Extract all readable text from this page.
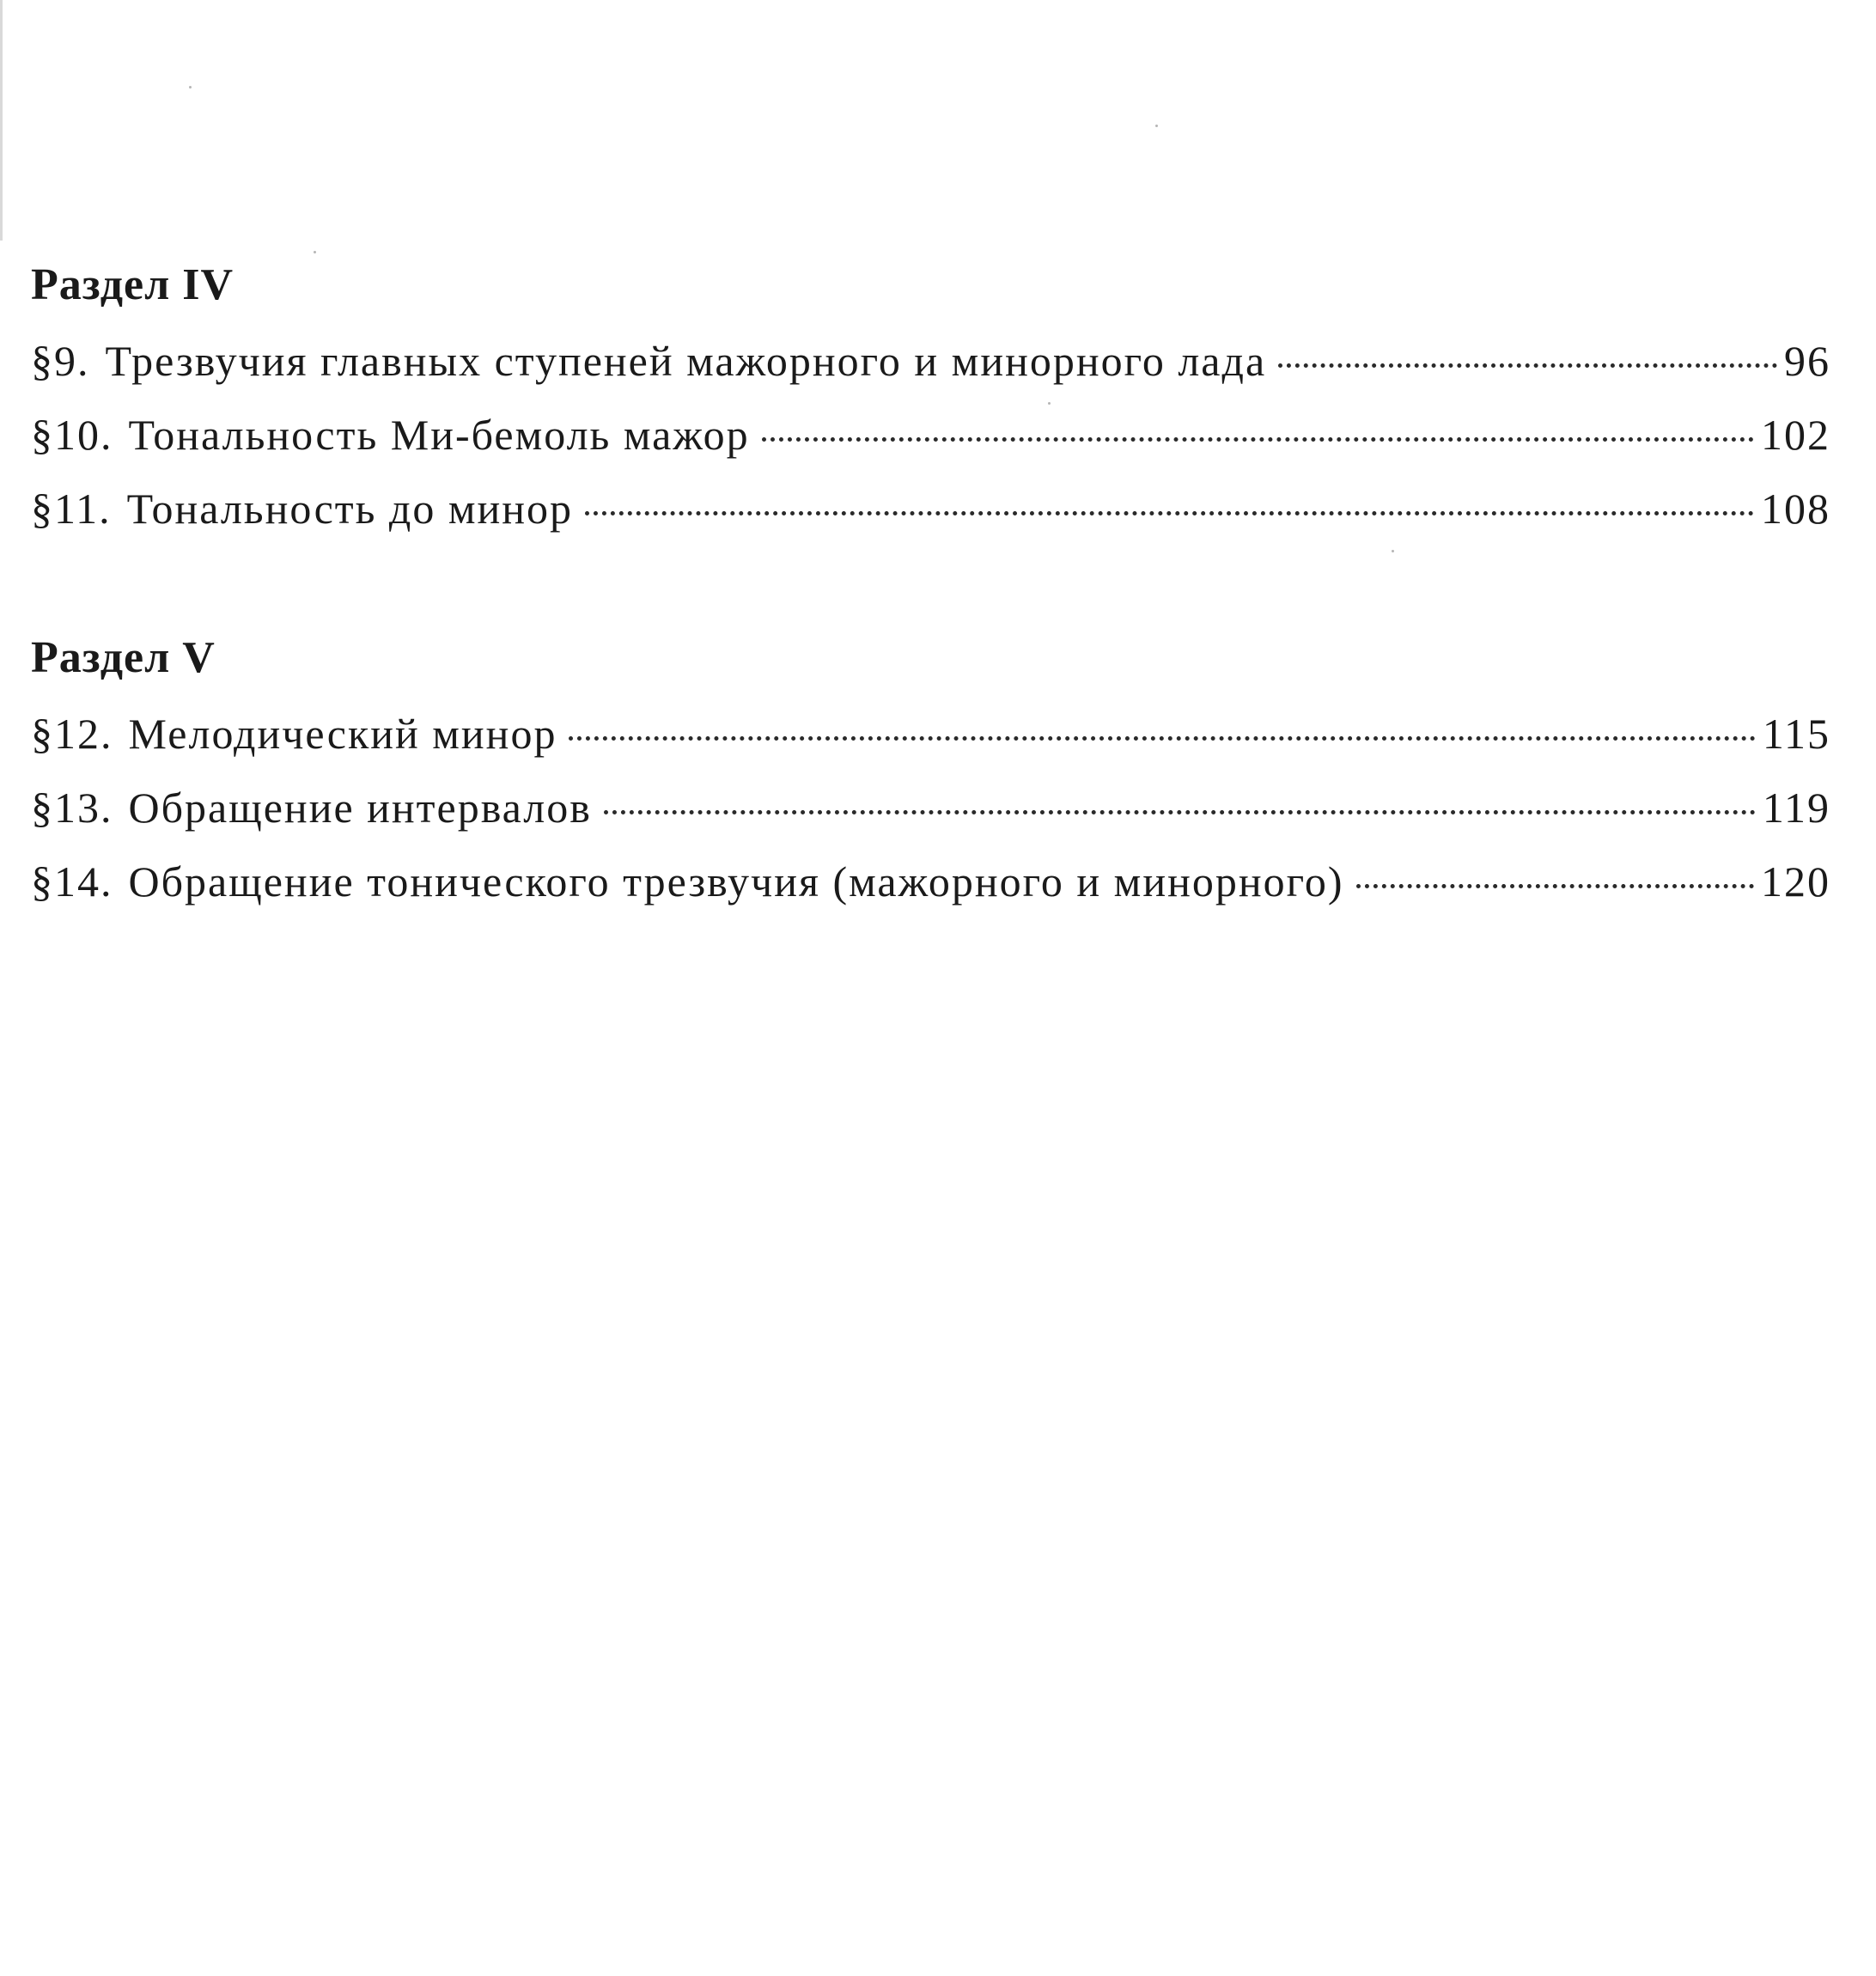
Раздел IV
§9. Трезвучия главных ступеней мажорного и минорного лада	96
§10. Тональность Ми-бемоль мажор	102
§11. Тональность до минор	108
Раздел V
§12. Мелодический минор	115
§13. Обращение интервалов	119
§14. Обращение тонического трезвучия (мажорного и минорного)	120
